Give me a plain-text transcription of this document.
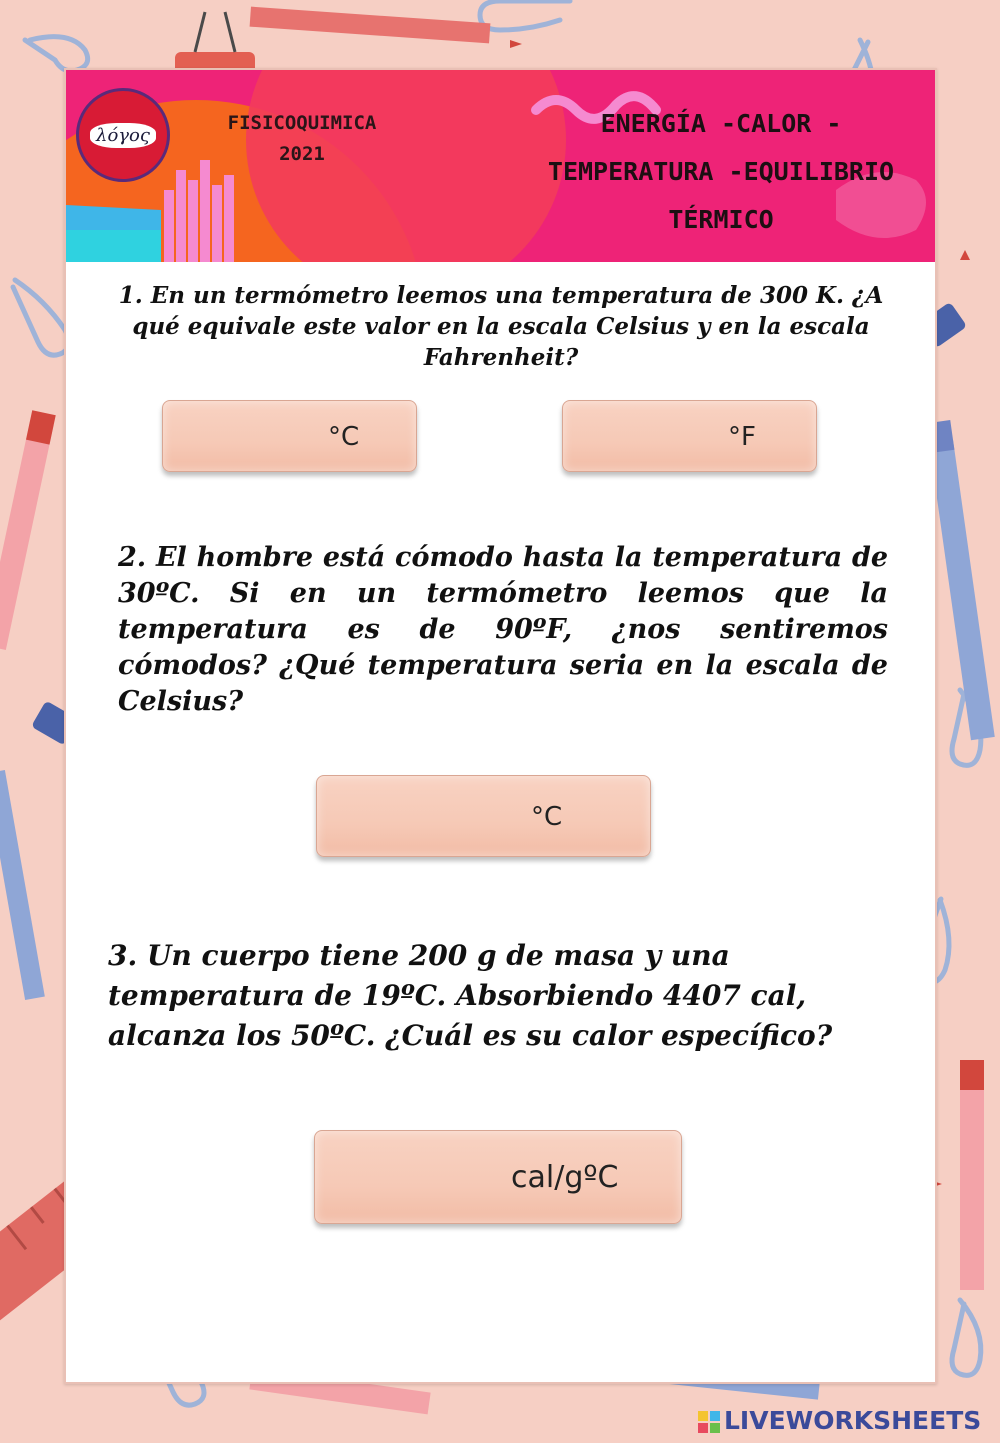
λόγος
FISICOQUIMICA
2021
ENERGÍA -CALOR -
TEMPERATURA -EQUILIBRIO
TÉRMICO

1. En un termómetro leemos una temperatura de 300 K. ¿A qué equivale este valor en la escala Celsius y en la escala Fahrenheit?

°C	°F

2. El hombre está cómodo hasta la temperatura de 30ºC. Si en un termómetro leemos que la temperatura es de 90ºF, ¿nos sentiremos cómodos? ¿Qué temperatura seria en la escala de Celsius?

°C

3. Un cuerpo tiene 200 g de masa y una temperatura de 19ºC. Absorbiendo 4407 cal, alcanza los 50ºC. ¿Cuál es su calor específico?

cal/gºC
LIVEWORKSHEETS
